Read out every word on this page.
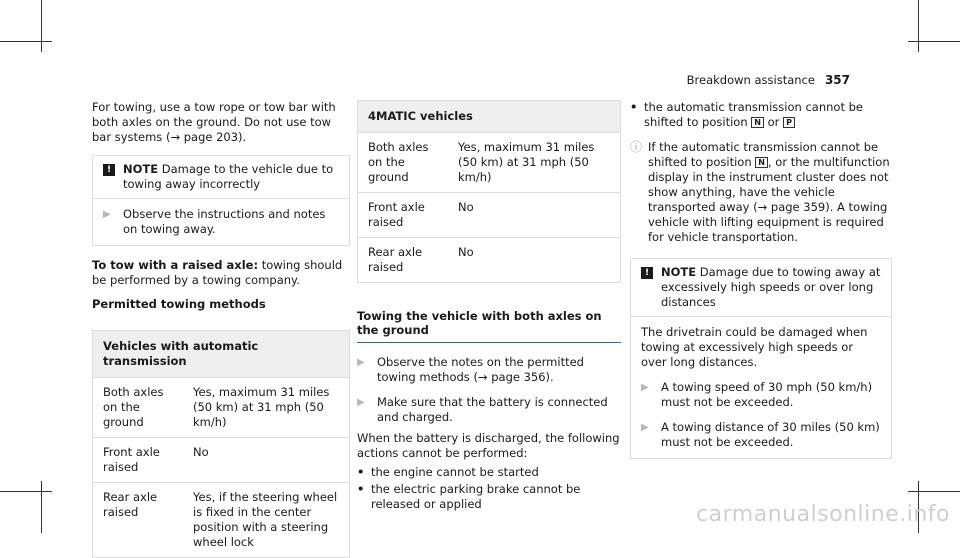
Breakdown assistance 357

For towing, use a tow rope or tow bar with both axles on the ground. Do not use tow bar systems (→ page 203).

!	NOTE Damage to the vehicle due to towing away incorrectly
▶	Observe the instructions and notes on towing away.

To tow with a raised axle: towing should be performed by a towing company.

Permitted towing methods

Vehicles with automatic transmission	
Both axles on the ground	Yes, maximum 31 miles (50 km) at 31 mph (50 km/h)
Front axle raised	No
Rear axle raised	Yes, if the steering wheel is fixed in the center position with a steering wheel lock
4MATIC vehicles	
Both axles on the ground	Yes, maximum 31 miles (50 km) at 31 mph (50 km/h)
Front axle raised	No
Rear axle raised	No
Towing the vehicle with both axles on the ground
▶	Observe the notes on the permitted towing methods (→ page 356).
▶	Make sure that the battery is connected and charged.

When the battery is discharged, the following actions cannot be performed:

• the engine cannot be started
• the electric parking brake cannot be released or applied
• the automatic transmission cannot be shifted to position N or P
ⓘ If the automatic transmission cannot be shifted to position N , or the multifunction display in the instrument cluster does not show anything, have the vehicle transported away (→ page 359). A towing vehicle with lifting equipment is required for vehicle transportation.
!	NOTE Damage due to towing away at excessively high speeds or over long distances

The drivetrain could be damaged when towing at excessively high speeds or over long distances.

▶	A towing speed of 30 mph (50 km/h) must not be exceeded.
▶	A towing distance of 30 miles (50 km) must not be exceeded.
carmanualsonline.info
